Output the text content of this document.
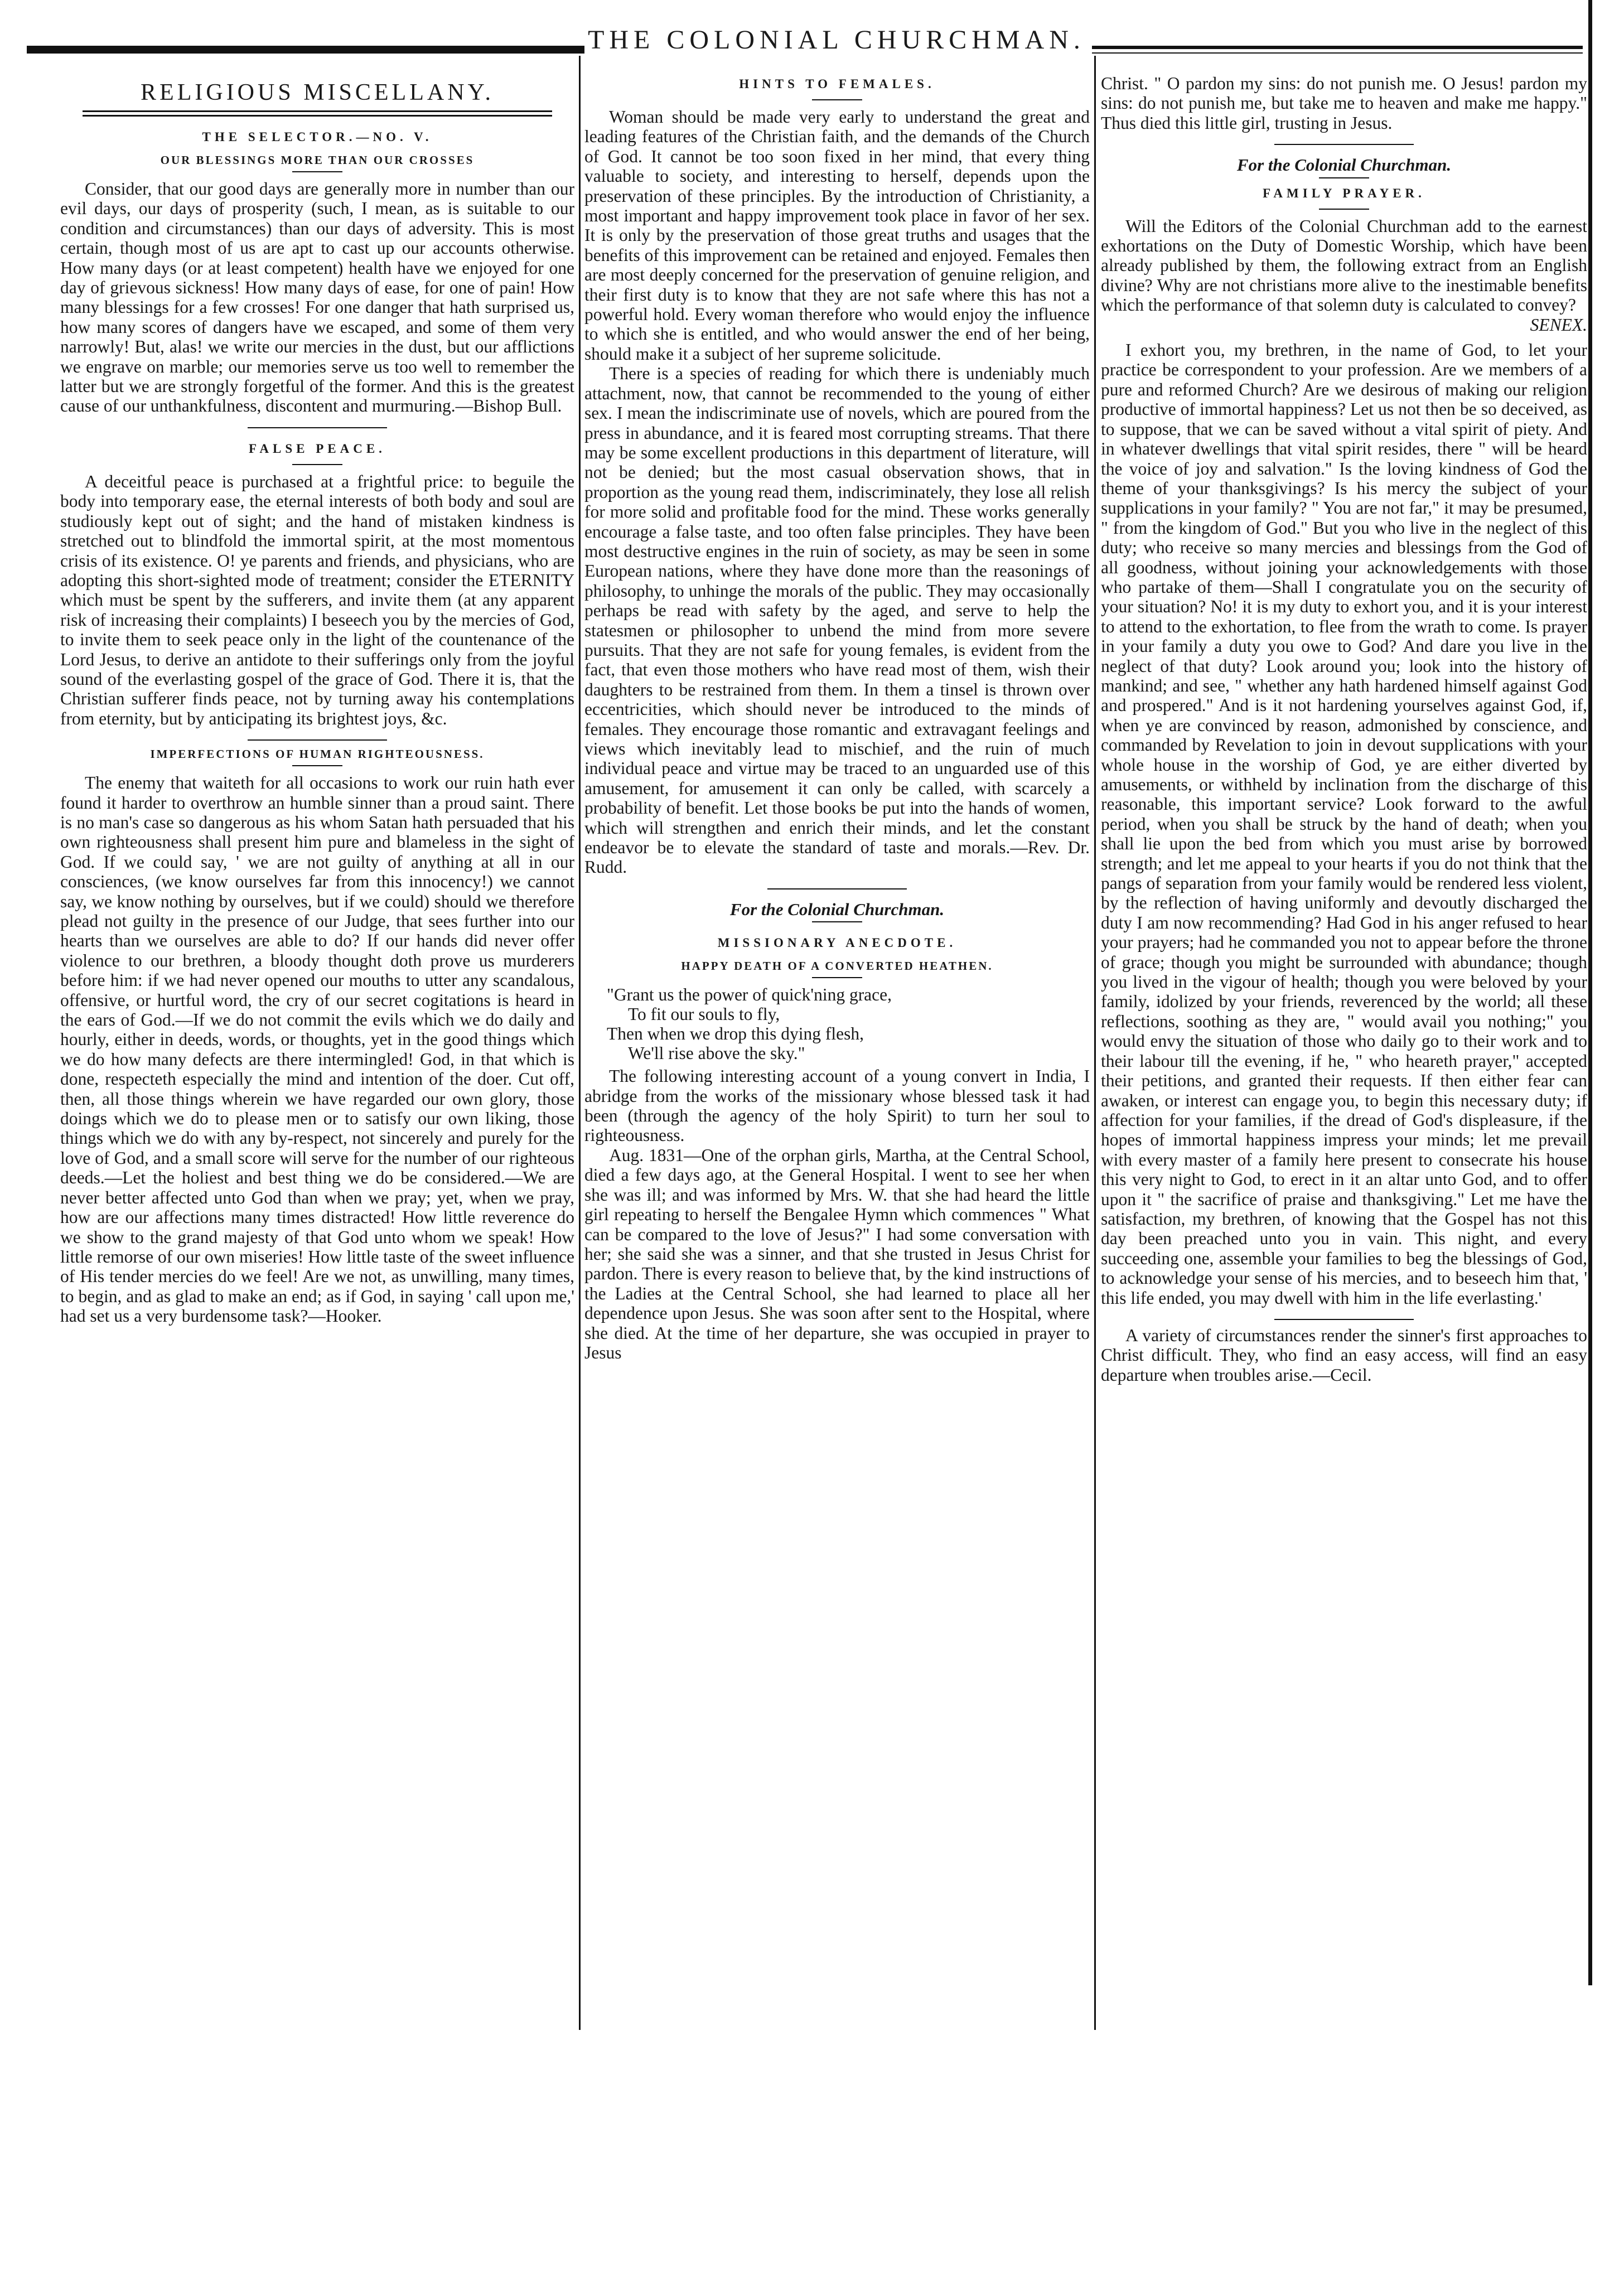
THE COLONIAL CHURCHMAN.
RELIGIOUS MISCELLANY.
THE SELECTOR.—NO. V.
OUR BLESSINGS MORE THAN OUR CROSSES

Consider, that our good days are generally more in number than our evil days, our days of prosperity (such, I mean, as is suitable to our condition and circumstances) than our days of adversity. This is most certain, though most of us are apt to cast up our accounts otherwise. How many days (or at least competent) health have we enjoyed for one day of grievous sickness! How many days of ease, for one of pain! How many blessings for a few crosses! For one danger that hath surprised us, how many scores of dangers have we escaped, and some of them very narrowly! But, alas! we write our mercies in the dust, but our afflictions we engrave on marble; our memories serve us too well to remember the latter but we are strongly forgetful of the former. And this is the greatest cause of our unthankfulness, discontent and murmuring.—Bishop Bull.

FALSE PEACE.

A deceitful peace is purchased at a frightful price: to beguile the body into temporary ease, the eternal interests of both body and soul are studiously kept out of sight; and the hand of mistaken kindness is stretched out to blindfold the immortal spirit, at the most momentous crisis of its existence. O! ye parents and friends, and physicians, who are adopting this short-sighted mode of treatment; consider the ETERNITY which must be spent by the sufferers, and invite them (at any apparent risk of increasing their complaints) I beseech you by the mercies of God, to invite them to seek peace only in the light of the countenance of the Lord Jesus, to derive an antidote to their sufferings only from the joyful sound of the everlasting gospel of the grace of God. There it is, that the Christian sufferer finds peace, not by turning away his contemplations from eternity, but by anticipating its brightest joys, &c.

IMPERFECTIONS OF HUMAN RIGHTEOUSNESS.

The enemy that waiteth for all occasions to work our ruin hath ever found it harder to overthrow an humble sinner than a proud saint. There is no man's case so dangerous as his whom Satan hath persuaded that his own righteousness shall present him pure and blameless in the sight of God. If we could say, ' we are not guilty of anything at all in our consciences, (we know ourselves far from this innocency!) we cannot say, we know nothing by ourselves, but if we could) should we therefore plead not guilty in the presence of our Judge, that sees further into our hearts than we ourselves are able to do? If our hands did never offer violence to our brethren, a bloody thought doth prove us murderers before him: if we had never opened our mouths to utter any scandalous, offensive, or hurtful word, the cry of our secret cogitations is heard in the ears of God.—If we do not commit the evils which we do daily and hourly, either in deeds, words, or thoughts, yet in the good things which we do how many defects are there intermingled! God, in that which is done, respecteth especially the mind and intention of the doer. Cut off, then, all those things wherein we have regarded our own glory, those doings which we do to please men or to satisfy our own liking, those things which we do with any by-respect, not sincerely and purely for the love of God, and a small score will serve for the number of our righteous deeds.—Let the holiest and best thing we do be considered.—We are never better affected unto God than when we pray; yet, when we pray, how are our affections many times distracted! How little reverence do we show to the grand majesty of that God unto whom we speak! How little remorse of our own miseries! How little taste of the sweet influence of His tender mercies do we feel! Are we not, as unwilling, many times, to begin, and as glad to make an end; as if God, in saying ' call upon me,' had set us a very burdensome task?—Hooker.

HINTS TO FEMALES.

Woman should be made very early to understand the great and leading features of the Christian faith, and the demands of the Church of God. It cannot be too soon fixed in her mind, that every thing valuable to society, and interesting to herself, depends upon the preservation of these principles. By the introduction of Christianity, a most important and happy improvement took place in favor of her sex. It is only by the preservation of those great truths and usages that the benefits of this improvement can be retained and enjoyed. Females then are most deeply concerned for the preservation of genuine religion, and their first duty is to know that they are not safe where this has not a powerful hold. Every woman therefore who would enjoy the influence to which she is entitled, and who would answer the end of her being, should make it a subject of her supreme solicitude.

There is a species of reading for which there is undeniably much attachment, now, that cannot be recommended to the young of either sex. I mean the indiscriminate use of novels, which are poured from the press in abundance, and it is feared most corrupting streams. That there may be some excellent productions in this department of literature, will not be denied; but the most casual observation shows, that in proportion as the young read them, indiscriminately, they lose all relish for more solid and profitable food for the mind. These works generally encourage a false taste, and too often false principles. They have been most destructive engines in the ruin of society, as may be seen in some European nations, where they have done more than the reasonings of philosophy, to unhinge the morals of the public. They may occasionally perhaps be read with safety by the aged, and serve to help the statesmen or philosopher to unbend the mind from more severe pursuits. That they are not safe for young females, is evident from the fact, that even those mothers who have read most of them, wish their daughters to be restrained from them. In them a tinsel is thrown over eccentricities, which should never be introduced to the minds of females. They encourage those romantic and extravagant feelings and views which inevitably lead to mischief, and the ruin of much individual peace and virtue may be traced to an unguarded use of this amusement, for amusement it can only be called, with scarcely a probability of benefit. Let those books be put into the hands of women, which will strengthen and enrich their minds, and let the constant endeavor be to elevate the standard of taste and morals.—Rev. Dr. Rudd.

For the Colonial Churchman.
MISSIONARY ANECDOTE.
HAPPY DEATH OF A CONVERTED HEATHEN.
"Grant us the power of quick'ning grace,
To fit our souls to fly,
Then when we drop this dying flesh,
We'll rise above the sky."

The following interesting account of a young convert in India, I abridge from the works of the missionary whose blessed task it had been (through the agency of the holy Spirit) to turn her soul to righteousness.

Aug. 1831—One of the orphan girls, Martha, at the Central School, died a few days ago, at the General Hospital. I went to see her when she was ill; and was informed by Mrs. W. that she had heard the little girl repeating to herself the Bengalee Hymn which commences " What can be compared to the love of Jesus?" I had some conversation with her; she said she was a sinner, and that she trusted in Jesus Christ for pardon. There is every reason to believe that, by the kind instructions of the Ladies at the Central School, she had learned to place all her dependence upon Jesus. She was soon after sent to the Hospital, where she died. At the time of her departure, she was occupied in prayer to Jesus

Christ. " O pardon my sins: do not punish me. O Jesus! pardon my sins: do not punish me, but take me to heaven and make me happy." Thus died this little girl, trusting in Jesus.

For the Colonial Churchman.
FAMILY PRAYER.

Will the Editors of the Colonial Churchman add to the earnest exhortations on the Duty of Domestic Worship, which have been already published by them, the following extract from an English divine? Why are not christians more alive to the inestimable benefits which the performance of that solemn duty is calculated to convey?

SENEX.

I exhort you, my brethren, in the name of God, to let your practice be correspondent to your profession. Are we members of a pure and reformed Church? Are we desirous of making our religion productive of immortal happiness? Let us not then be so deceived, as to suppose, that we can be saved without a vital spirit of piety. And in whatever dwellings that vital spirit resides, there " will be heard the voice of joy and salvation." Is the loving kindness of God the theme of your thanksgivings? Is his mercy the subject of your supplications in your family? " You are not far," it may be presumed, " from the kingdom of God." But you who live in the neglect of this duty; who receive so many mercies and blessings from the God of all goodness, without joining your acknowledgements with those who partake of them—Shall I congratulate you on the security of your situation? No! it is my duty to exhort you, and it is your interest to attend to the exhortation, to flee from the wrath to come. Is prayer in your family a duty you owe to God? And dare you live in the neglect of that duty? Look around you; look into the history of mankind; and see, " whether any hath hardened himself against God and prospered." And is it not hardening yourselves against God, if, when ye are convinced by reason, admonished by conscience, and commanded by Revelation to join in devout supplications with your whole house in the worship of God, ye are either diverted by amusements, or withheld by inclination from the discharge of this reasonable, this important service? Look forward to the awful period, when you shall be struck by the hand of death; when you shall lie upon the bed from which you must arise by borrowed strength; and let me appeal to your hearts if you do not think that the pangs of separation from your family would be rendered less violent, by the reflection of having uniformly and devoutly discharged the duty I am now recommending? Had God in his anger refused to hear your prayers; had he commanded you not to appear before the throne of grace; though you might be surrounded with abundance; though you lived in the vigour of health; though you were beloved by your family, idolized by your friends, reverenced by the world; all these reflections, soothing as they are, " would avail you nothing;" you would envy the situation of those who daily go to their work and to their labour till the evening, if he, " who heareth prayer," accepted their petitions, and granted their requests. If then either fear can awaken, or interest can engage you, to begin this necessary duty; if affection for your families, if the dread of God's displeasure, if the hopes of immortal happiness impress your minds; let me prevail with every master of a family here present to consecrate his house this very night to God, to erect in it an altar unto God, and to offer upon it " the sacrifice of praise and thanksgiving." Let me have the satisfaction, my brethren, of knowing that the Gospel has not this day been preached unto you in vain. This night, and every succeeding one, assemble your families to beg the blessings of God, to acknowledge your sense of his mercies, and to beseech him that, ' this life ended, you may dwell with him in the life everlasting.'

A variety of circumstances render the sinner's first approaches to Christ difficult. They, who find an easy access, will find an easy departure when troubles arise.—Cecil.
